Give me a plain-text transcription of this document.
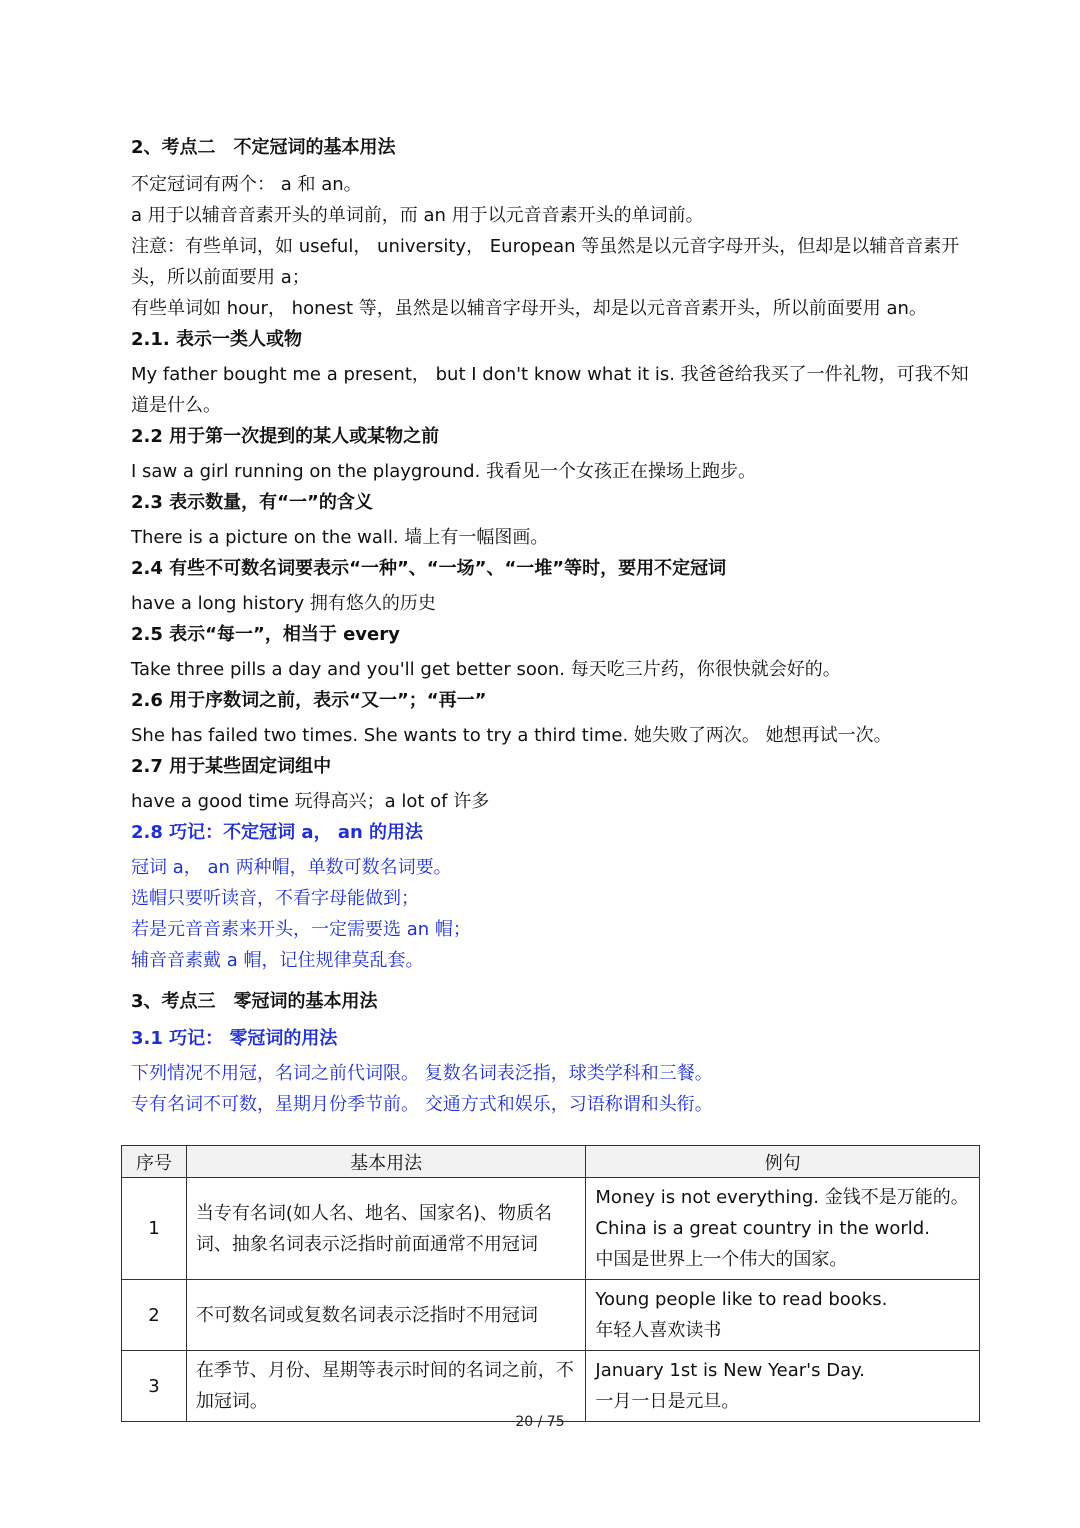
2、考点二　不定冠词的基本用法
不定冠词有两个： a 和 an。
a 用于以辅音音素开头的单词前，而 an 用于以元音音素开头的单词前。
注意：有些单词，如 useful， university， European 等虽然是以元音字母开头，但却是以辅音音素开头，所以前面要用 a；
有些单词如 hour， honest 等，虽然是以辅音字母开头，却是以元音音素开头，所以前面要用 an。
2.1. 表示一类人或物
My father bought me a present， but I don't know what it is. 我爸爸给我买了一件礼物，可我不知道是什么。
2.2 用于第一次提到的某人或某物之前
I saw a girl running on the playground. 我看见一个女孩正在操场上跑步。
2.3 表示数量，有“一”的含义
There is a picture on the wall. 墙上有一幅图画。
2.4 有些不可数名词要表示“一种”、“一场”、“一堆”等时，要用不定冠词
have a long history 拥有悠久的历史
2.5 表示“每一”，相当于 every
Take three pills a day and you'll get better soon. 每天吃三片药，你很快就会好的。
2.6 用于序数词之前，表示“又一”；“再一”
She has failed two times. She wants to try a third time. 她失败了两次。 她想再试一次。
2.7 用于某些固定词组中
have a good time 玩得高兴；a lot of 许多
2.8 巧记：不定冠词 a， an 的用法
冠词 a， an 两种帽，单数可数名词要。
选帽只要听读音，不看字母能做到；
若是元音音素来开头，一定需要选 an 帽；
辅音音素戴 a 帽，记住规律莫乱套。
3、考点三　零冠词的基本用法
3.1 巧记： 零冠词的用法
下列情况不用冠，名词之前代词限。 复数名词表泛指，球类学科和三餐。
专有名词不可数，星期月份季节前。 交通方式和娱乐，习语称谓和头衔。
序号	基本用法	例句
1	当专有名词(如人名、地名、国家名)、物质名词、抽象名词表示泛指时前面通常不用冠词	Money is not everything. 金钱不是万能的。
China is a great country in the world.
中国是世界上一个伟大的国家。

2	不可数名词或复数名词表示泛指时不用冠词	Young people like to read books.
年轻人喜欢读书

3	在季节、月份、星期等表示时间的名词之前，不加冠词。	January 1st is New Year's Day.
一月一日是元旦。
20 / 75
